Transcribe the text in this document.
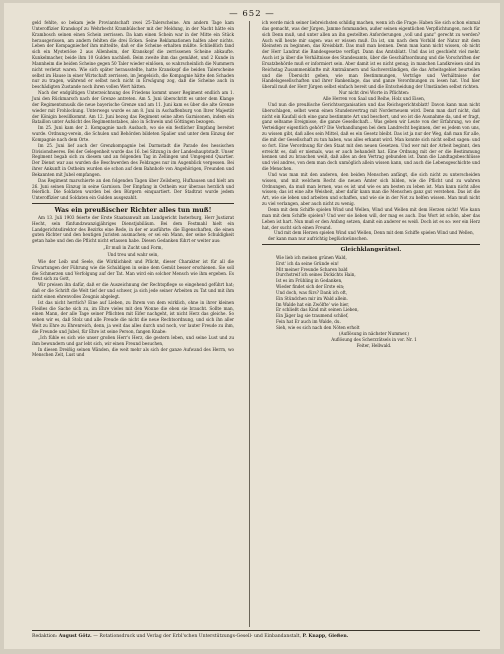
— 652 —

geld fehlte, so bekam jede Proviantschaft zwei 25-Talerscheine. Am andern Tage kam Unteroffizier Kranskopf zu Wehrbecht Krambülscher mit der Meldung, in der Nacht hätte ein Krambosch seinen einen Schein zerrissen. Da kam einen Schein war in der Mitte ein Stück herausgerissen, am andern fehlten die drei Ecken. Seine Reklamationen halfen aber nichts. Leben der Kompagniechef ihm mitteilte, daß er die Scheine erhalten müßte. Schließlich fand sich ein Mysteriöse 2 aus Allenheim, der Kranskopf die zerrissenen Scheine abkaufte. Kunkelmacher, beide ihm 10 Gulden nachließ. Beim zweite ihm das gemäßet, und 2 Kunde in Mannheim die beiden Scheine gegen 50 Taler wieder einlösen, so wahrscheinlich die Nummern nicht verletzt waren. Wie sich später herausstellte, hatte Kranskopf die beiden Talerscheine selbst im Hause in einer Wirtschaft zerrissen, im Jengelsich, die Kompagnie hätte den Schaden nur zu tragen, während er selbst noch nicht in Erwägung zog, daß die Scheine auch in beschädigten Zustande noch ihren vollen Wert hätten.

Nach der endgültigen Unterzeichnung des Friedens kommt unser Regiment endlich am 1. Juni den Rückmarsch nach der Grenze antreten. Am 5. Juni überschritt es unter dem Klange der Regimentsmusik die neue bayerische Grenze und am 11. Juni kam es über die alte Grenze wieder mit Frohlockung. Unterwegs wurde es am 8. Juni in Aschaffenburg von Ihrer Majestät der Königin bewillkommt. Am 12. Juni bezog das Regiment seine alten Garnisonen, indem ein Bataillon unter Aufsicht des Regimentsstabes, also in Schwein und Göttingen bezogen.

Im 25. Juni kam der 2. Kompagnie nach Ausbach, wo sie ein festlicher Empfang bereitet wurde. Ordnung-verein, die Schulen und Behörden bildeten Spalier und unter dem Einzug der Kompagnie nach dem Orte.

Im 25. Juni lief auch der Grenzkompagnie bei Darmstadt die Parade des hessischen Divisionsheeres. Bei der Gelegenheit wurde das 16. bei Sitzung in der Landeshauptstadt. Unser Regiment begab sich zu diesem und an folgenden Tag in Zellingen und Umgegend Quartier. Der Dienst war aus wurden die Beschwerden des Feldzuges nur im Augenblick vergessen. Bei ihrer Ankunft in Ostheim wurden sie schon auf dem Bahnhofe von Angehörigen, Freunden und Bekannten mit Jubel empfangen.

Das Regiment marschierte an den folgenden Tagen über Zeilsberg, Hufhausen und hielt am 26. Juni seinen Einzug in seine Garnison. Der Empfang in Ostheim war überaus herzlich und feierlich. Die Soldaten wurden bei den Bürgern einquartiert. Der Stadtrat wurde jedem Unteroffizier und Soldaten ein Gulden ausgezahlt.

Was ein preußischer Richter alles tun muß!

Am 13. Juli 1903 feierte der Erste Staatsanwalt am Landgericht Insterburg, Herr Justizrat Hecht, sein fünfundzwanzigjähriges Dienstjubiläum. Bei dem Festmahl hielt ein Landgerichtsdirektor des Bezirks eine Rede, in der er ausführte: die Eigenschaften, die einen guten Richter und den heutigen Juristen ausmachen; er sei ein Mann, der seine Schuldigkeit getan habe und den die Pflicht nicht erlassen habe. Diesen Gedanken führt er weiter aus:

„Er muß in Zucht und Form,
Und treu und wahr sein,

Wie der Leib und Seele, die Wirklichkeit und Pflicht, dieser Charakter ist für all die Erwartungen der Führung wie die Schuldigen in seine dem Gemüt besser erschienen. Sie soll die Schmerzen und Verfolgung auf der Tat. Man wird ein solcher Mensch wie ihm ergeben. Es freut sich zu Gott,

Wir preisen ihn dafür, daß er die Auszeichnung der Rechtspflege so eingehend geführt hat; daß er die Schrift die Welt tief der und schwer, ja sich jede seiner Arbeiten zu Tat und mit ihm nicht einen ehrenvolles Zeugnis abgelegt.

Ist das nicht herrlich? Eine auf Lieben, zu Ihrem von dem wirklich, ohne in ihrer kleinen Fleißes die Sache sich zu, im Ehre vieles mit den Wonne die eben sie braucht. Sollte man, einen Mann, der alle Tage seiner Pflichten mit Eifer nachgeht, ist nicht Herz das gleiche. So sehen wir es, daß Stolz und alle Freude die nicht die neue Rechtsordnung, und sich ihn aller Welt zu Ehre zu Ehrenreich, denn, ja weit das alles durch und noch, vor lauter Freude zu ihm, die Freunde und Jubel, für Ehre ist seine Person, fangen Knabe:

„Ich fühle es sich wie unser großen Herr's Herz, die gestern leben, und seine Lust und zu ihm bewundern und gar lebt sich, wir einen Freund besuchen,

In diesen Dreißig seinen Wänden, die weit mehr als sich der ganze Aufwand des Herrn, wo Menschen Zeit, Lust und

ich werde mich seiner liebreichsten schildig machen, wenn ich die Frage: Haben Sie sich schon einmal das gemacht, was der Jürgen, Jamme fommanden, außer seinen eigentlichen Verpflichtungen, noch für sich Denn muß, und unter allen an ihn gestellten Anforderungen „voll und ganz“ gerecht zu werden? Auch will heute mir sagen: was er wissen muß. Da ist, um nach dem Vorbild der Natur mit dem Kleinsten zu beginnen, das Kreisblatt. Das muß man kennen. Denn man kann nicht wissen, ob nicht der Herr Landrat die Bandesgesetze verfügt. Dann das Amtsblatt. Und das ist geschieht viel mehr. Auch ist ja über die Verhältnisse des Standesamts, über die Geschäftsordnung und die Vorschriften der Ersatzbehörde muß er informiert sein. Aber damit ist es nicht genug; in manchen Landkreisen sind im Reichstag Zusammenkünfte mit Amtmännern und Sachverständigen, die das Arbeitsgebiet beurteilen und die Übersicht geben, wie man Bestimmungen, Verträge und Verhältnisse der Handelsgesellschaften und ihrer Bankenlage, das und ganze Verordnungen zu lesen hat. Und hier überall muß der Herr Jürgen selbst einfach bereit und die Entscheidung der Umständen selbst richten.

Nur nicht drei Worte in Pflichten:

Alle Herren von Saal und Reihe, Holz und Eisen,

Und nun die preußische Gerichtsorganisation und das Reichsgerichtsblatt! Davon kann man nicht überschlagen, selbst wenn einen Stundenvertrag mit Norderneuem wird. Denn man darf nicht, daß nicht ein Kaufall sich eine ganz bestimmte Art und beschert, und wo ist die Ausnahme da, und er fragt, ganz seltsame Ereignisse, die ganze Gesellschaft... Was geben wir Leute von der Erfahrung, wo der Verteidiger eigentlich gehört? Die Verhandlungen bei dem Landrecht beginnen, der es jedem von uns, zu wissen gibt, daß alles sein Mittel, daß es ein Gesetz bleibt. Das ist ja nur der Weg, daß man für alle, die mit der Gesellschaft zu tun haben, was alles erkannt wird. Man konnte sich nicht selbst sagen: und so fort. Eine Verordnung für den Staat mit den neuen Gesetzen. Und wer mit der Arbeit beginnt, den erreicht es, daß er niemals, was er auch behandelt hat. Eine Ordnung mit der er die Bestimmung kennen und zu brauchen weiß, daß alles an den Vertrag gebunden ist. Dann die Landtagsbeschlüsse und viel andres, von dem man doch unmöglich allein wissen kann, und auch die Lebensgeschichte und die Menschen.

Und was man mit den anderen, den beiden Menschen anfängt, die sich nicht zu unterscheiden wissen, und mit welchem Recht die neuen Ämter sich bilden, wie die Pflicht und zu wahren Ordnungen, da muß man lernen, was es ist und wie es am besten zu leben ist. Man kann nicht alles wissen; das ist eine alte Weisheit, aber dafür kann man die Menschen ganz gut verstehen. Das ist die Art, wie sie leben und arbeiten und schaffen, und wie sie in der Not zu helfen wissen. Man muß nicht zu viel verlangen, aber auch nicht zu wenig.

Denn mit dem Schiffe spielen Wind und Wellen, Wind und Wellen mit dem Herzen nicht! Wie kann man mit dem Schiffe spielen? Und wer sie lieben will, der mag es auch. Das Wort ist schön, aber das Leben ist hart. Nun muß er den Anfang setzen, damit ein anderer es weiß. Doch ist es so: wer ein Herz hat, der sucht sich einen Freund.

Und mit dem Herzen spielen Wind und Wellen, Denn mit dem Schiffe spielen Wind und Wellen,

der kann man nur aufrichtig beglückwünschen.

Gleichklangsrätsel.
Wie lieb ich meinen grünen Wald,
Erst' ich da seine Gründe ein!
Mit meiner Freunde Scharen bald
Durchstreif ich seines Dickichts Hain,
Ist es im Frühling in Gedanken,
Wieder findet sich der Erste ein;
Und doch, was fürs? Dank ich oft,
Ein Stündchen mir im Wald allein.
Im Walde hat ein Zwölfte' wie hier,
Er schließt das Kind mit seinen Lieben,
Ein Jäger lag sie traumend schlief,
Fein hat Er auch im Walde, du.
Sieh, wie es sich nach den Nöten erholt

(Auflösung in nächster Nummer.)

Auflösung des Scherzrätsels in vor. Nr. 1

Feiter, Hellwald.

Redaktion: August Götz. — Rotationsdruck und Verlag der Erbl'schen Unterstützungs-Gesell- und Einbandanstalt, P. Knapp, Gießen.
